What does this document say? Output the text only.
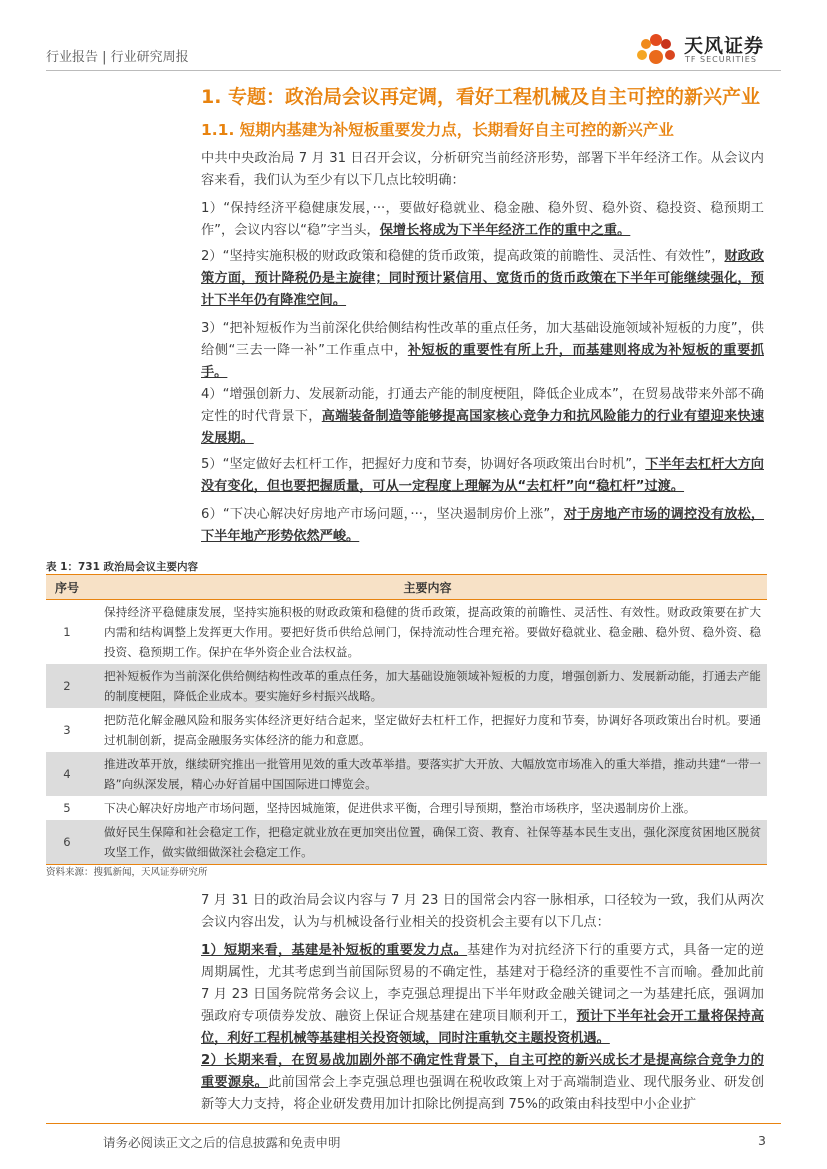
行业报告 | 行业研究周报
天风证券
TF SECURITIES
1. 专题：政治局会议再定调，看好工程机械及自主可控的新兴产业
1.1. 短期内基建为补短板重要发力点，长期看好自主可控的新兴产业
中共中央政治局 7 月 31 日召开会议，分析研究当前经济形势，部署下半年经济工作。从会议内容来看，我们认为至少有以下几点比较明确：
1）“保持经济平稳健康发展，···，要做好稳就业、稳金融、稳外贸、稳外资、稳投资、稳预期工作”，会议内容以“稳”字当头，保增长将成为下半年经济工作的重中之重。
2）“坚持实施积极的财政政策和稳健的货币政策，提高政策的前瞻性、灵活性、有效性”，财政政策方面，预计降税仍是主旋律；同时预计紧信用、宽货币的货币政策在下半年可能继续强化，预计下半年仍有降准空间。
3）“把补短板作为当前深化供给侧结构性改革的重点任务，加大基础设施领域补短板的力度”，供给侧“三去一降一补”工作重点中，补短板的重要性有所上升，而基建则将成为补短板的重要抓手。
4）“增强创新力、发展新动能，打通去产能的制度梗阻，降低企业成本”，在贸易战带来外部不确定性的时代背景下，高端装备制造等能够提高国家核心竞争力和抗风险能力的行业有望迎来快速发展期。
5）“坚定做好去杠杆工作，把握好力度和节奏，协调好各项政策出台时机”，下半年去杠杆大方向没有变化，但也要把握质量，可从一定程度上理解为从“去杠杆”向“稳杠杆”过渡。
6）“下决心解决好房地产市场问题，···，坚决遏制房价上涨”，对于房地产市场的调控没有放松，下半年地产形势依然严峻。
表 1：731 政治局会议主要内容
序号	主要内容
1	保持经济平稳健康发展，坚持实施积极的财政政策和稳健的货币政策，提高政策的前瞻性、灵活性、有效性。财政政策要在扩大内需和结构调整上发挥更大作用。要把好货币供给总闸门，保持流动性合理充裕。要做好稳就业、稳金融、稳外贸、稳外资、稳投资、稳预期工作。保护在华外资企业合法权益。
2	把补短板作为当前深化供给侧结构性改革的重点任务，加大基础设施领域补短板的力度，增强创新力、发展新动能，打通去产能的制度梗阻，降低企业成本。要实施好乡村振兴战略。
3	把防范化解金融风险和服务实体经济更好结合起来，坚定做好去杠杆工作，把握好力度和节奏，协调好各项政策出台时机。要通过机制创新，提高金融服务实体经济的能力和意愿。
4	推进改革开放，继续研究推出一批管用见效的重大改革举措。要落实扩大开放、大幅放宽市场准入的重大举措，推动共建“一带一路”向纵深发展，精心办好首届中国国际进口博览会。
5	下决心解决好房地产市场问题，坚持因城施策，促进供求平衡，合理引导预期，整治市场秩序，坚决遏制房价上涨。
6	做好民生保障和社会稳定工作，把稳定就业放在更加突出位置，确保工资、教育、社保等基本民生支出，强化深度贫困地区脱贫攻坚工作，做实做细做深社会稳定工作。
资料来源：搜狐新闻，天风证券研究所
7 月 31 日的政治局会议内容与 7 月 23 日的国常会内容一脉相承，口径较为一致，我们从两次会议内容出发，认为与机械设备行业相关的投资机会主要有以下几点：
1）短期来看，基建是补短板的重要发力点。基建作为对抗经济下行的重要方式，具备一定的逆周期属性，尤其考虑到当前国际贸易的不确定性，基建对于稳经济的重要性不言而喻。叠加此前 7 月 23 日国务院常务会议上，李克强总理提出下半年财政金融关键词之一为基建托底，强调加强政府专项债券发放、融资上保证合规基建在建项目顺利开工，预计下半年社会开工量将保持高位，利好工程机械等基建相关投资领域，同时注重轨交主题投资机遇。
2）长期来看，在贸易战加剧外部不确定性背景下，自主可控的新兴成长才是提高综合竞争力的重要源泉。此前国常会上李克强总理也强调在税收政策上对于高端制造业、现代服务业、研发创新等大力支持，将企业研发费用加计扣除比例提高到 75%的政策由科技型中小企业扩
请务必阅读正文之后的信息披露和免责申明	3
